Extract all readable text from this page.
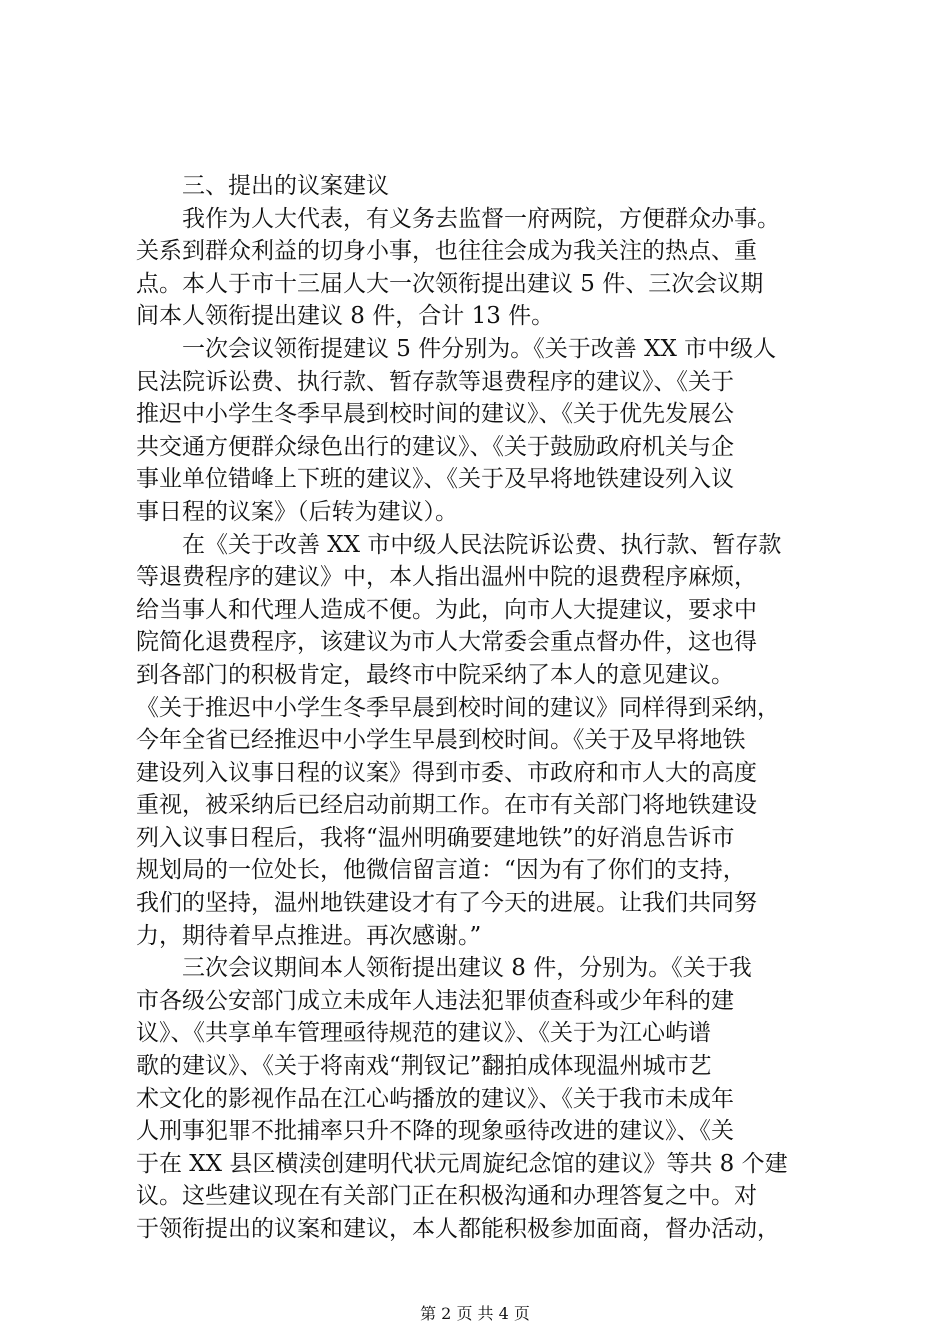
三、提出的议案建议
我作为人大代表，有义务去监督一府两院，方便群众办事。
关系到群众利益的切身小事，也往往会成为我关注的热点、重
点。本人于市十三届人大一次领衔提出建议 5 件、三次会议期
间本人领衔提出建议 8 件，合计 13 件。
一次会议领衔提建议 5 件分别为。《关于改善 XX 市中级人
民法院诉讼费、执行款、暂存款等退费程序的建议》、《关于
推迟中小学生冬季早晨到校时间的建议》、《关于优先发展公
共交通方便群众绿色出行的建议》、《关于鼓励政府机关与企
事业单位错峰上下班的建议》、《关于及早将地铁建设列入议
事日程的议案》（后转为建议）。
在《关于改善 XX 市中级人民法院诉讼费、执行款、暂存款
等退费程序的建议》中，本人指出温州中院的退费程序麻烦，
给当事人和代理人造成不便。为此，向市人大提建议，要求中
院简化退费程序，该建议为市人大常委会重点督办件，这也得
到各部门的积极肯定，最终市中院采纳了本人的意见建议。
《关于推迟中小学生冬季早晨到校时间的建议》同样得到采纳，
今年全省已经推迟中小学生早晨到校时间。《关于及早将地铁
建设列入议事日程的议案》得到市委、市政府和市人大的高度
重视，被采纳后已经启动前期工作。在市有关部门将地铁建设
列入议事日程后，我将“温州明确要建地铁”的好消息告诉市
规划局的一位处长，他微信留言道：“因为有了你们的支持，
我们的坚持，温州地铁建设才有了今天的进展。让我们共同努
力，期待着早点推进。再次感谢。”
三次会议期间本人领衔提出建议 8 件，分别为。《关于我
市各级公安部门成立未成年人违法犯罪侦查科或少年科的建
议》、《共享单车管理亟待规范的建议》、《关于为江心屿谱
歌的建议》、《关于将南戏“荆钗记”翻拍成体现温州城市艺
术文化的影视作品在江心屿播放的建议》、《关于我市未成年
人刑事犯罪不批捕率只升不降的现象亟待改进的建议》、《关
于在 XX 县区横渎创建明代状元周旋纪念馆的建议》等共 8 个建
议。这些建议现在有关部门正在积极沟通和办理答复之中。对
于领衔提出的议案和建议，本人都能积极参加面商，督办活动，
第 2 页 共 4 页
